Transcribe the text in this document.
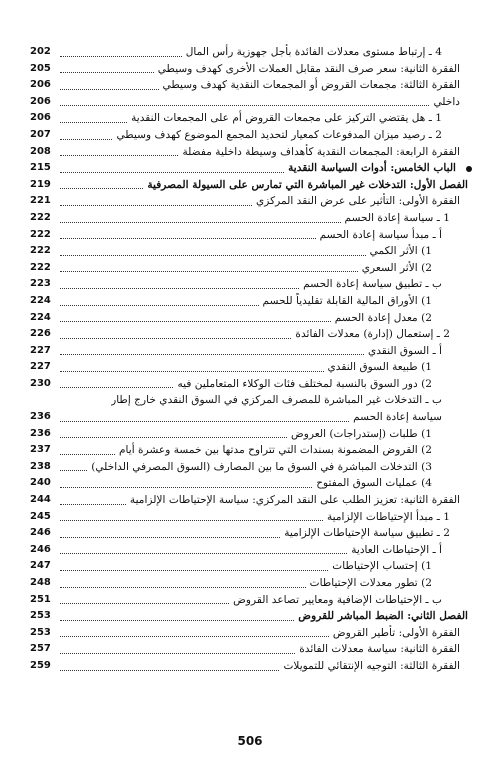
4 ـ إرتباط مستوى معدلات الفائدة بأجل جهوزية رأس المال
202
الفقرة الثانية: سعر صرف النقد مقابل العملات الأخرى كهدف وسيطي
205
الفقرة الثالثة: مجمعات القروض أو المجمعات النقدية كهدف وسيطي
206
داخلي
206
1 ـ هل يقتضي التركيز على مجمعات القروض أم على المجمعات النقدية
206
2 ـ رصيد ميزان المدفوعات كمعيار لتحديد المجمع الموضوع كهدف وسيطي
207
الفقرة الرابعة: المجمعات النقدية كأهداف وسيطة داخلية مفضلة
208
الباب الخامس: أدوات السياسة النقدية
215
الفصل الأول: التدخلات غير المباشرة التي تمارس على السيولة المصرفية
219
الفقرة الأولى: التأثير على عرض النقد المركزي
221
1 ـ سياسة إعادة الحسم
222
أ ـ مبدأ سياسة إعادة الحسم
222
1) الأثر الكمي
222
2) الأثر السعري
222
ب ـ تطبيق سياسة إعادة الحسم
223
1) الأوراق المالية القابلة تقليدياً للحسم
224
2) معدل إعادة الحسم
224
2 ـ إستعمال (إدارة) معدلات الفائدة
226
أ ـ السوق النقدي
227
1) طبيعة السوق النقدي
227
2) دور السوق بالنسبة لمختلف فئات الوكلاء المتعاملين فيه
230
ب ـ التدخلات غير المباشرة للمصرف المركزي في السوق النقدي خارج إطار
سياسة إعادة الحسم
236
1) طلبات (إستدراجات) العروض
236
2) القروض المضمونة بسندات التي تتراوح مدتها بين خمسة وعشرة أيام
237
3) التدخلات المباشرة في السوق ما بين المصارف (السوق المصرفي الداخلي)
238
4) عمليات السوق المفتوح
240
الفقرة الثانية: تعزيز الطلب على النقد المركزي: سياسة الإحتياطات الإلزامية
244
1 ـ مبدأ الإحتياطات الإلزامية
245
2 ـ تطبيق سياسة الإحتياطات الإلزامية
246
أ ـ الإحتياطات العادية
246
1) إحتساب الإحتياطات
247
2) تطور معدلات الإحتياطات
248
ب ـ الإحتياطات الإضافية ومعايير تصاعد القروض
251
الفصل الثاني: الضبط المباشر للقروض
253
الفقرة الأولى: تأطير القروض
253
الفقرة الثانية: سياسة معدلات الفائدة
257
الفقرة الثالثة: التوجيه الإنتقائي للتمويلات
259
506
